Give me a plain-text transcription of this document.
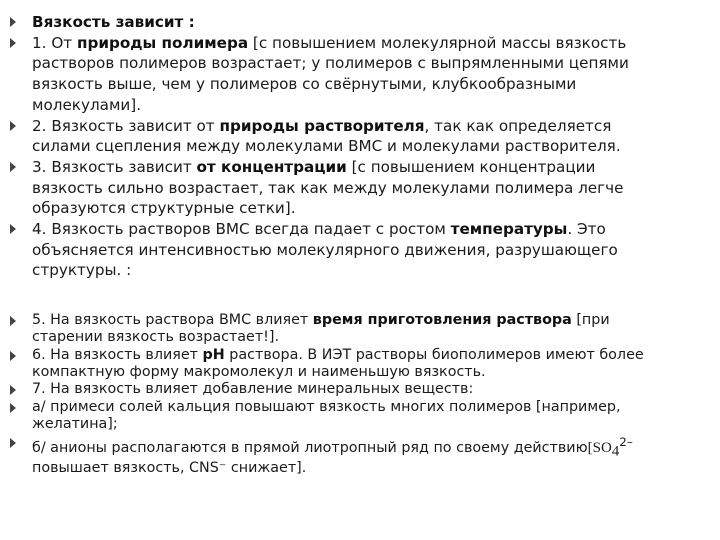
Вязкость зависит :
1. От природы полимера [с повышением молекулярной массы вязкость растворов полимеров возрастает; у полимеров с выпрямленными цепями вязкость выше, чем у полимеров со свёрнутыми, клубкообразными молекулами].
2. Вязкость зависит от природы растворителя, так как определяется силами сцепления между молекулами ВМС и молекулами растворителя.
3. Вязкость зависит от концентрации [с повышением концентрации вязкость сильно возрастает, так как между молекулами полимера легче образуются структурные сетки].
4. Вязкость растворов ВМС всегда падает с ростом температуры. Это объясняется интенсивностью молекулярного движения, разрушающего структуры. :
5. На вязкость раствора ВМС влияет время приготовления раствора [при старении вязкость возрастает!].
6. На вязкость влияет рН раствора. В ИЭТ растворы биополимеров имеют более компактную форму макромолекул и наименьшую вязкость.
7. На вязкость влияет добавление минеральных веществ:
а/ примеси солей кальция повышают вязкость многих полимеров [например, желатина];
б/ анионы располагаются в прямой лиотропный ряд по своему $действию[SO_4^{2-}$ повышает вязкость, CNS⁻ снижает].
